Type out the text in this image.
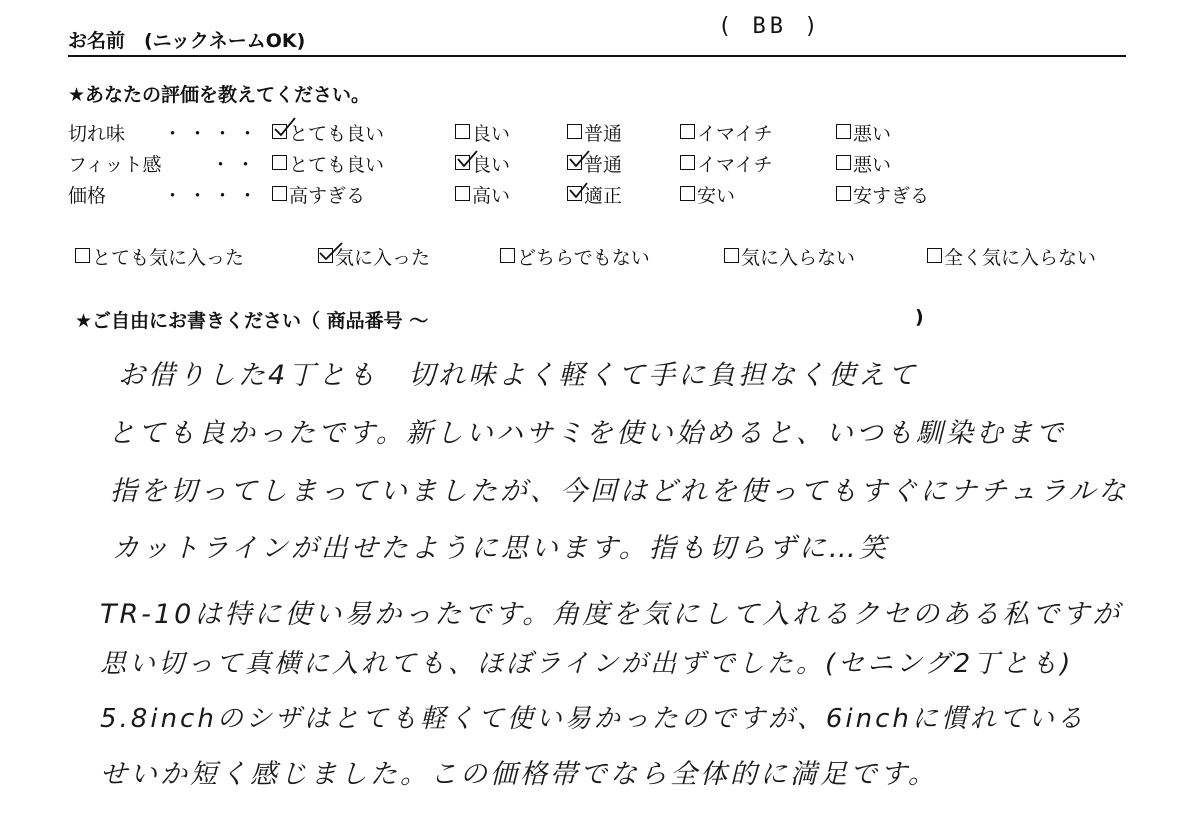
お名前　(ニックネームOK)
( BB )
★あなたの評価を教えてください。
切れ味 ・・・・ とても良い	良い	普通	イマイチ	悪い
フィット感	・・ とても良い	良い	普通	イマイチ	悪い
価格	・・・・ 高すぎる	高い	適正	安い	安すぎる
とても気に入った	気に入った	どちらでもない	気に入らない	全く気に入らない
★ご自由にお書きください（ 商品番号 ～	)
お借りした4丁とも　切れ味よく軽くて手に負担なく使えて
とても良かったです。新しいハサミを使い始めると、いつも馴染むまで
指を切ってしまっていましたが、今回はどれを使ってもすぐにナチュラルな
カットラインが出せたように思います。指も切らずに…笑
TR-10は特に使い易かったです。角度を気にして入れるクセのある私ですが
思い切って真横に入れても、ほぼラインが出ずでした。(セニング2丁とも)
5.8inchのシザはとても軽くて使い易かったのですが、6inchに慣れている
せいか短く感じました。この価格帯でなら全体的に満足です。
